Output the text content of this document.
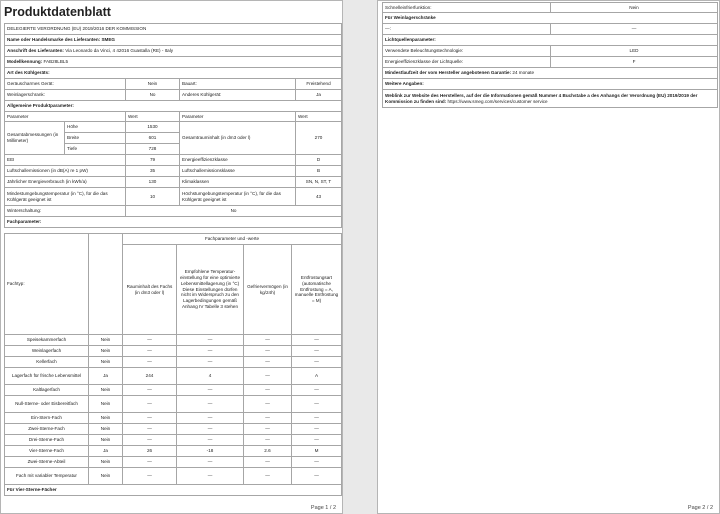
Produktdatenblatt
DELEGIERTE VERORDNUNG (EU) 2019/2016 DER KOMMISSION				
Name oder Handelsmarke des Lieferanten: SMEG				
Anschrift des Lieferanten: Via Leonardo da Vinci, 4 42016 Guastalla (RE) - Italy				
Modellkennung: FAB28LBL5				
Art des Kühlgeräts:				
Geräuscharmes Gerät:		Nein	Bauart:	Freistehend
Weinlagerschrank:		No	Anderes Kühlgerät:	Ja
Allgemeine Produktparameter:				
Parameter		Wert	Parameter	Wert
Gesamtabmessungen (in Millimeter)	Höhe	1530	Gesamtrauminhalt (in dm3 oder l)	270
	Breite	601		
	Tiefe	728		
EEI		79	Energieeffizienzklasse	D
Luftschallemissionen (in dB(A) re 1 pW)		35	Luftschallemissionsklasse	B
Jährlicher Energieverbrauch (in kWh/a)		130	Klimaklassen	SN, N, ST, T
Mindestumgebungstemperatur (in °C), für die das Kühlgerät geeignet ist		10	Höchstumgebungstemperatur (in °C), für die das Kühlgerät geeignet ist	43
Winterschaltung:		No		
Fachparameter:				
Fachtyp:		Fachparameter und -werte			
		Rauminhalt des Fachs (in dm3 oder l)	Empfohlene Temperatur-einstellung für eine optimierte Lebensmittellagerung (in °C) Diese Einstellungen dürfen nicht im Widerspruch zu den Lagerbedingungen gemäß Anhang IV Tabelle 3 stehen	Gefriervermögen (in kg/24h)	Entfrostungsart (automatische Entfrostung = A, manuelle Entfrostung = M)
Speisekammerfach	Nein	—	—	—	—
Weinlagerfach	Nein	—	—	—	—
Kellerfach	Nein	—	—	—	—
Lagerfach für frische Lebensmittel	Ja	244	4	—	A
Kaltlagerfach	Nein	—	—	—	—
Null-Sterne- oder Eisbereitfach	Nein	—	—	—	—
Ein-Stern-Fach	Nein	—	—	—	—
Zwei-Sterne-Fach	Nein	—	—	—	—
Drei-Sterne-Fach	Nein	—	—	—	—
Vier-Sterne-Fach	Ja	26	-18	2.6	M
Zwei-Sterne-Abteil	Nein	—	—	—	—
Fach mit variabler Temperatur	Nein	—	—	—	—
Für Vier-Sterne-Fächer					
Page 1 / 2
Schnelleinfrierfunktion:	Nein
Für Weinlagerschränke	
—:	—
Lichtquellenparameter:	
Verwendete Beleuchtungstechnologie:	LED
Energieeffizienzklasse der Lichtquelle:	F
Mindestlaufzeit der vom Hersteller angebotenen Garantie: 24 monate	
Weitere Angaben:	
Weblink zur Website des Herstellers, auf der die Informationen gemäß Nummer 4 Buchstabe a des Anhangs der Verordnung (EU) 2019/2019 der Kommission zu finden sind: https://www.smeg.com/services/customer service	
Page 2 / 2
